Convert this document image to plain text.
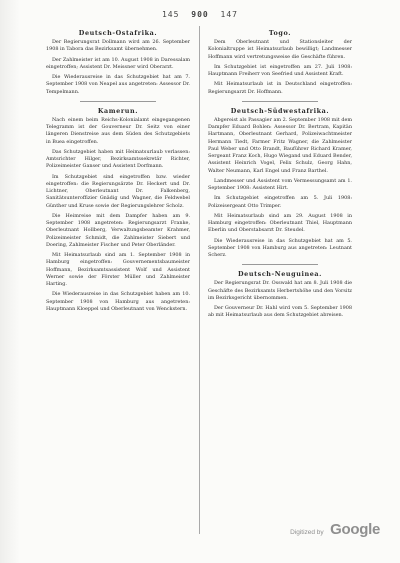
145 900 147
Deutsch-Ostafrika.

Der Regierungsrat Dollmann wird am 26. September 1908 in Tabora das Bezirksamt übernehmen.

Der Zahlmeister ist am 10. August 1908 in Daressalam eingetroffen; Assistent Dr. Meissner wird Oberarzt.

Die Wiederausreise in das Schutzgebiet hat am 7. September 1908 von Neapel aus angetreten: Assessor Dr. Tempelmann.

Kamerun.

Nach einem beim Reichs-Kolonialamt eingegangenen Telegramm ist der Gouverneur Dr. Seitz von einer längeren Dienstreise aus dem Süden des Schutzgebiets in Buea eingetroffen.

Das Schutzgebiet haben mit Heimatsurlaub verlassen: Amtsrichter Hilger, Bezirksamtssekretär Richter, Polizeimeister Ganser und Assistent Dorfmann.

Im Schutzgebiet sind eingetroffen bzw. wieder eingetroffen: die Regierungsärzte Dr. Heckert und Dr. Lichtner, Oberleutnant Dr. Falkenberg, Sanitätsunteroffizier Gnädig und Wagner, die Feldwebel Günther und Kruse sowie der Regierungslehrer Scholz.

Die Heimreise mit dem Dampfer haben am 9. September 1908 angetreten: Regierungsarzt Franke, Oberleutnant Hollberg, Verwaltungsbeamter Krahmer, Polizeimeister Schmidt, die Zahlmeister Siebert und Doering, Zahlmeister Fischer und Peter Oberländer.

Mit Heimatsurlaub sind am 1. September 1908 in Hamburg eingetroffen: Gouvernementsbaumeister Hoffmann, Bezirksamtsassistent Wolf und Assistent Werner sowie der Förster Müller und Zahlmeister Harting.

Die Wiederausreise in das Schutzgebiet haben am 10. September 1908 von Hamburg aus angetreten: Hauptmann Kloeppel und Oberleutnant von Wenckstern.

Togo.

Dem Oberleutnant und Stationsleiter der Kolonialtruppe ist Heimatsurlaub bewilligt; Landmesser Hoffmann wird vertretungsweise die Geschäfte führen.

Im Schutzgebiet ist eingetroffen am 27. Juli 1908: Hauptmann Freiherr von Seefried und Assistent Kraft.

Mit Heimatsurlaub ist in Deutschland eingetroffen: Regierungsarzt Dr. Hoffmann.

Deutsch-Südwestafrika.

Abgereist als Passagier am 2. September 1908 mit dem Dampfer Eduard Bohlen: Assessor Dr. Bertram, Kapitän Hartmann, Oberleutnant Gerhard, Polizeiwachtmeister Hermann Tiedt, Farmer Fritz Wagner, die Zahlmeister Paul Weber und Otto Brandt, Bauführer Richard Kramer, Sergeant Franz Koch, Hugo Wiegand und Eduard Bender, Assistent Heinrich Vogel, Felix Schulz, Georg Hahn, Walter Neumann, Karl Engel und Franz Barthel.

Landmesser und Assistent vom Vermessungsamt am 1. September 1908: Assistent Hirt.

Im Schutzgebiet eingetroffen am 5. Juli 1908: Polizeisergeant Otto Trimper.

Mit Heimatsurlaub sind am 29. August 1908 in Hamburg eingetroffen: Oberleutnant Thiel, Hauptmann Eberlin und Oberstabsarzt Dr. Steudel.

Die Wiederausreise in das Schutzgebiet hat am 5. September 1908 von Hamburg aus angetreten: Leutnant Scherz.

Deutsch-Neuguinea.

Der Regierungsrat Dr. Osswald hat am 8. Juli 1908 die Geschäfte des Bezirksamts Herbertshöhe und den Vorsitz im Bezirksgericht übernommen.

Der Gouverneur Dr. Hahl wird vom 5. September 1908 ab mit Heimatsurlaub aus dem Schutzgebiet abreisen.

Digitized by Google
